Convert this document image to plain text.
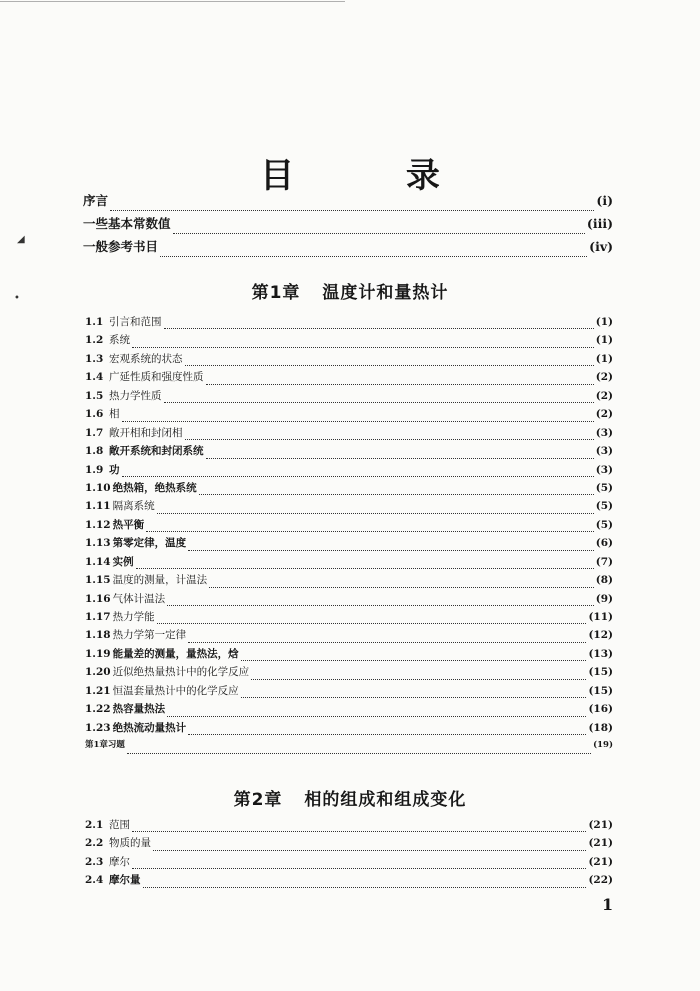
◢
•
目 录
序言	(i)
一些基本常数值	(iii)
一般参考书目	(iv)
第1章 温度计和量热计
1.1 引言和范围	(1)
1.2 系统	(1)
1.3 宏观系统的状态	(1)
1.4 广延性质和强度性质	(2)
1.5 热力学性质	(2)
1.6 相	(2)
1.7 敞开相和封闭相	(3)
1.8 敞开系统和封闭系统	(3)
1.9 功	(3)
1.10 绝热箱，绝热系统	(5)
1.11 隔离系统	(5)
1.12 热平衡	(5)
1.13 第零定律，温度	(6)
1.14 实例	(7)
1.15 温度的测量，计温法	(8)
1.16 气体计温法	(9)
1.17 热力学能	(11)
1.18 热力学第一定律	(12)
1.19 能量差的测量，量热法，焓	(13)
1.20 近似绝热量热计中的化学反应	(15)
1.21 恒温套量热计中的化学反应	(15)
1.22 热容量热法	(16)
1.23 绝热流动量热计	(18)
第1章习题	(19)
第2章 相的组成和组成变化
2.1 范围	(21)
2.2 物质的量	(21)
2.3 摩尔	(21)
2.4 摩尔量	(22)

1
